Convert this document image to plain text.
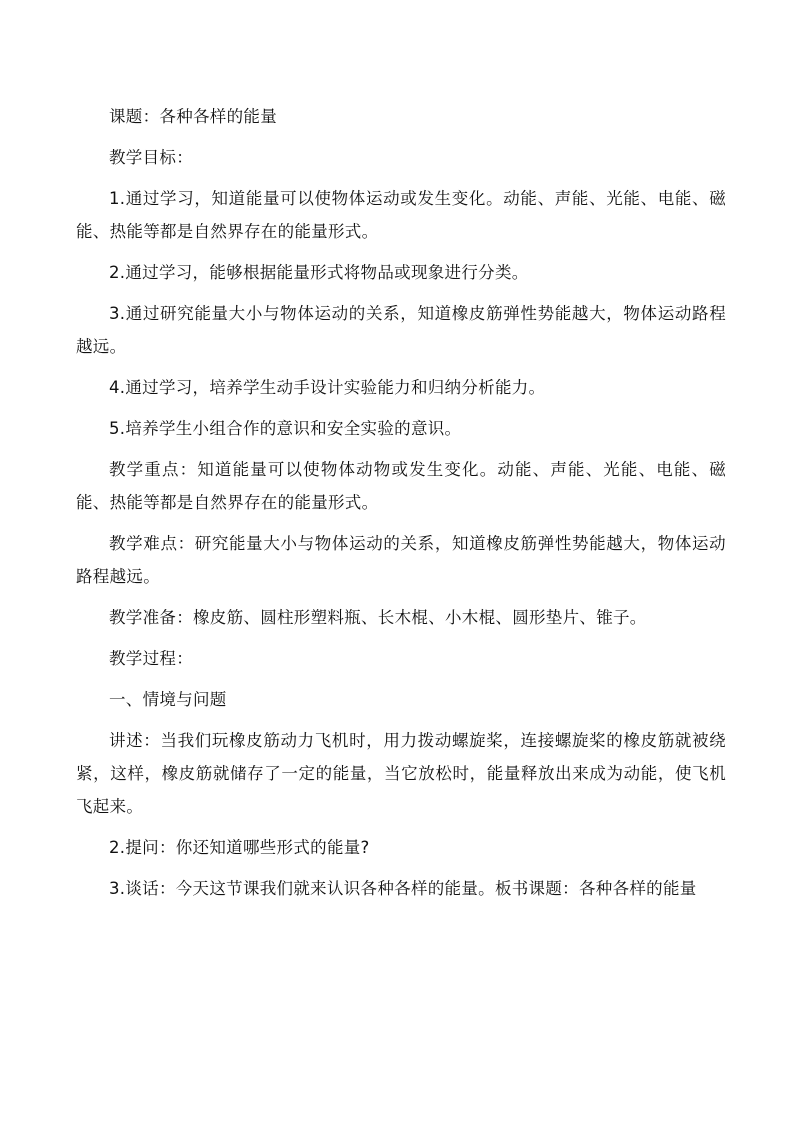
课题：各种各样的能量

教学目标：

1.通过学习，知道能量可以使物体运动或发生变化。动能、声能、光能、电能、磁能、热能等都是自然界存在的能量形式。

2.通过学习，能够根据能量形式将物品或现象进行分类。

3.通过研究能量大小与物体运动的关系，知道橡皮筋弹性势能越大，物体运动路程越远。

4.通过学习，培养学生动手设计实验能力和归纳分析能力。

5.培养学生小组合作的意识和安全实验的意识。

教学重点：知道能量可以使物体动物或发生变化。动能、声能、光能、电能、磁能、热能等都是自然界存在的能量形式。

教学难点：研究能量大小与物体运动的关系，知道橡皮筋弹性势能越大，物体运动路程越远。

教学准备：橡皮筋、圆柱形塑料瓶、长木棍、小木棍、圆形垫片、锥子。

教学过程：

一、情境与问题

讲述：当我们玩橡皮筋动力飞机时，用力拨动螺旋桨，连接螺旋桨的橡皮筋就被绕紧，这样，橡皮筋就储存了一定的能量，当它放松时，能量释放出来成为动能，使飞机飞起来。

2.提问：你还知道哪些形式的能量?

3.谈话：今天这节课我们就来认识各种各样的能量。板书课题：各种各样的能量
